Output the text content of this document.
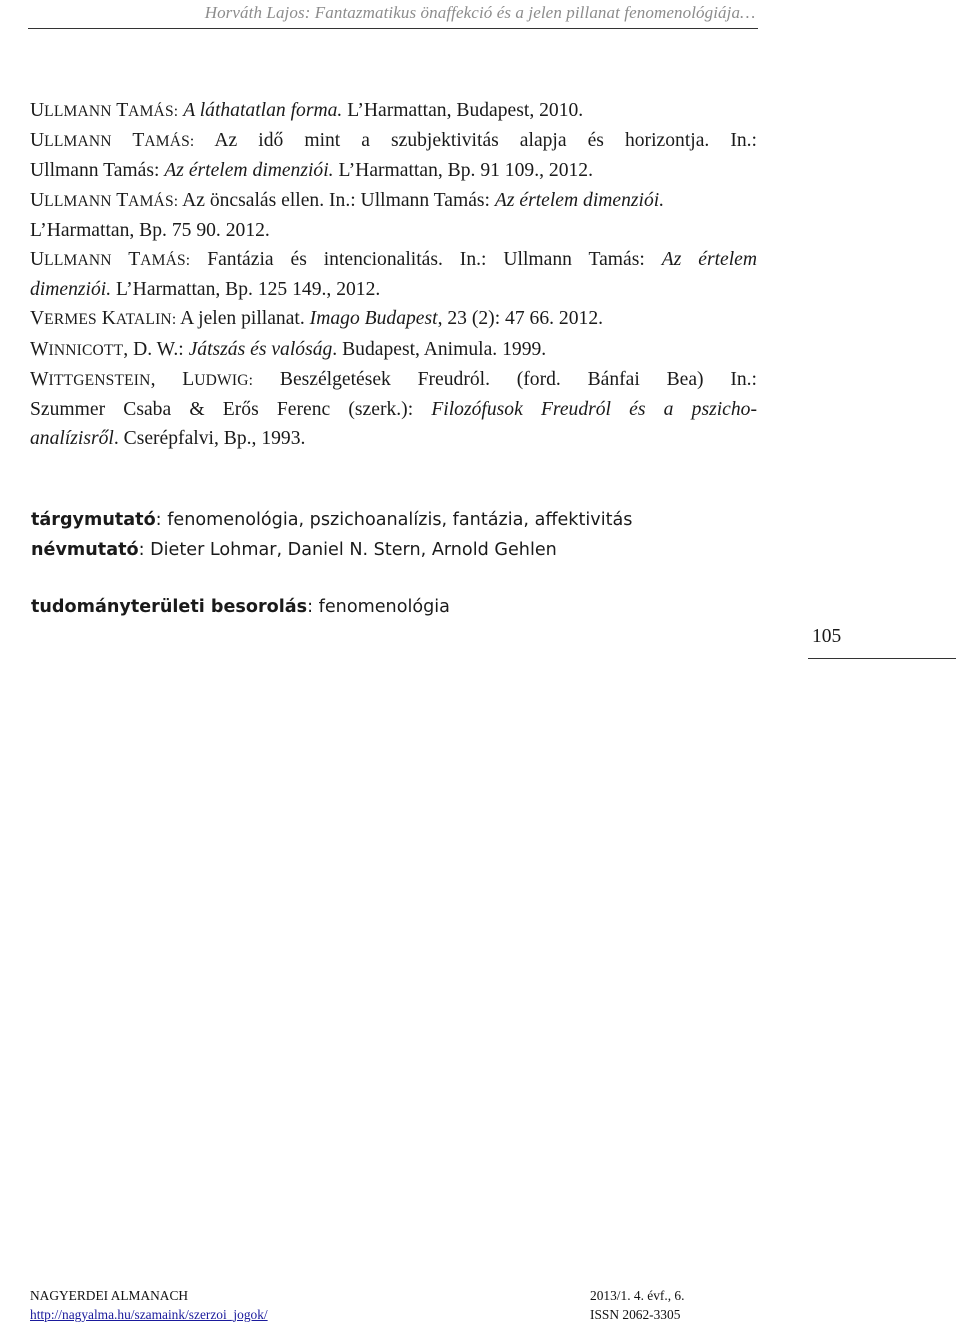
Horváth Lajos: Fantazmatikus önaffekció és a jelen pillanat fenomenológiája…
ULLMANN TAMÁS: A láthatatlan forma. L’Harmattan, Budapest, 2010.
ULLMANN TAMÁS: Az idő mint a szubjektivitás alapja és horizontja. In.:
Ullmann Tamás: Az értelem dimenziói. L’Harmattan, Bp. 91 109., 2012.
ULLMANN TAMÁS: Az öncsalás ellen. In.: Ullmann Tamás: Az értelem dimenziói.
L’Harmattan, Bp. 75 90. 2012.
ULLMANN TAMÁS: Fantázia és intencionalitás. In.: Ullmann Tamás: Az értelem
dimenziói. L’Harmattan, Bp. 125 149., 2012.
VERMES KATALIN: A jelen pillanat. Imago Budapest, 23 (2): 47 66. 2012.
WINNICOTT, D. W.: Játszás és valóság. Budapest, Animula. 1999.
WITTGENSTEIN, LUDWIG: Beszélgetések Freudról. (ford. Bánfai Bea) In.:
Szummer Csaba & Erős Ferenc (szerk.): Filozófusok Freudról és a pszicho-
analízisről. Cserépfalvi, Bp., 1993.
tárgymutató: fenomenológia, pszichoanalízis, fantázia, affektivitás
névmutató: Dieter Lohmar, Daniel N. Stern, Arnold Gehlen
tudományterületi besorolás: fenomenológia
105
NAGYERDEI ALMANACH	2013/1. 4. évf., 6.
http://nagyalma.hu/szamaink/szerzoi_jogok/	ISSN 2062-3305
